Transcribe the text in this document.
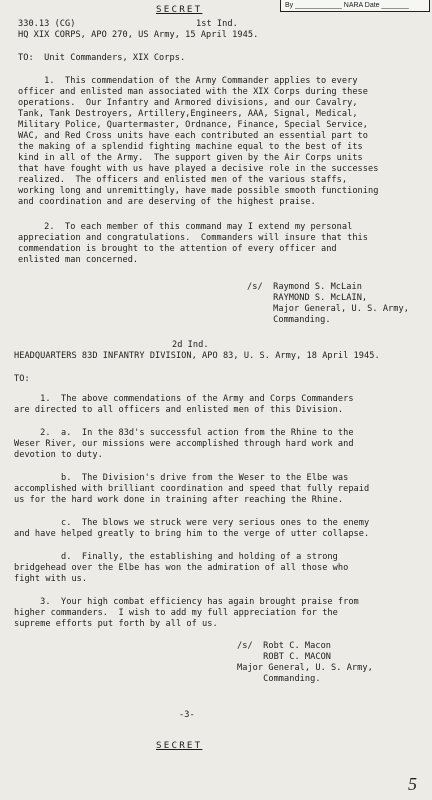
By ____________ NARA Date _______
SECRET
330.13 (CG)	1st Ind.
HQ XIX CORPS, APO 270, US Army, 15 April 1945.
TO:  Unit Commanders, XIX Corps.
1.  This commendation of the Army Commander applies to every
officer and enlisted man associated with the XIX Corps during these
operations.  Our Infantry and Armored divisions, and our Cavalry,
Tank, Tank Destroyers, Artillery,Engineers, AAA, Signal, Medical,
Military Police, Quartermaster, Ordnance, Finance, Special Service,
WAC, and Red Cross units have each contributed an essential part to
the making of a splendid fighting machine equal to the best of its
kind in all of the Army.  The support given by the Air Corps units
that have fought with us have played a decisive role in the successes
realized.  The officers and enlisted men of the various staffs,
working long and unremittingly, have made possible smooth functioning
and coordination and are deserving of the highest praise.
2.  To each member of this command may I extend my personal
appreciation and congratulations.  Commanders will insure that this
commendation is brought to the attention of every officer and
enlisted man concerned.
/s/  Raymond S. McLain
RAYMOND S. McLAIN,
Major General, U. S. Army,
Commanding.
2d Ind.
HEADQUARTERS 83D INFANTRY DIVISION, APO 83, U. S. Army, 18 April 1945.
TO:
1.  The above commendations of the Army and Corps Commanders
are directed to all officers and enlisted men of this Division.
2.  a.  In the 83d's successful action from the Rhine to the
Weser River, our missions were accomplished through hard work and
devotion to duty.
b.  The Division's drive from the Weser to the Elbe was
accomplished with brilliant coordination and speed that fully repaid
us for the hard work done in training after reaching the Rhine.
c.  The blows we struck were very serious ones to the enemy
and have helped greatly to bring him to the verge of utter collapse.
d.  Finally, the establishing and holding of a strong
bridgehead over the Elbe has won the admiration of all those who
fight with us.
3.  Your high combat efficiency has again brought praise from
higher commanders.  I wish to add my full appreciation for the
supreme efforts put forth by all of us.
/s/  Robt C. Macon
ROBT C. MACON
Major General, U. S. Army,
Commanding.
-3-
SECRET
5
